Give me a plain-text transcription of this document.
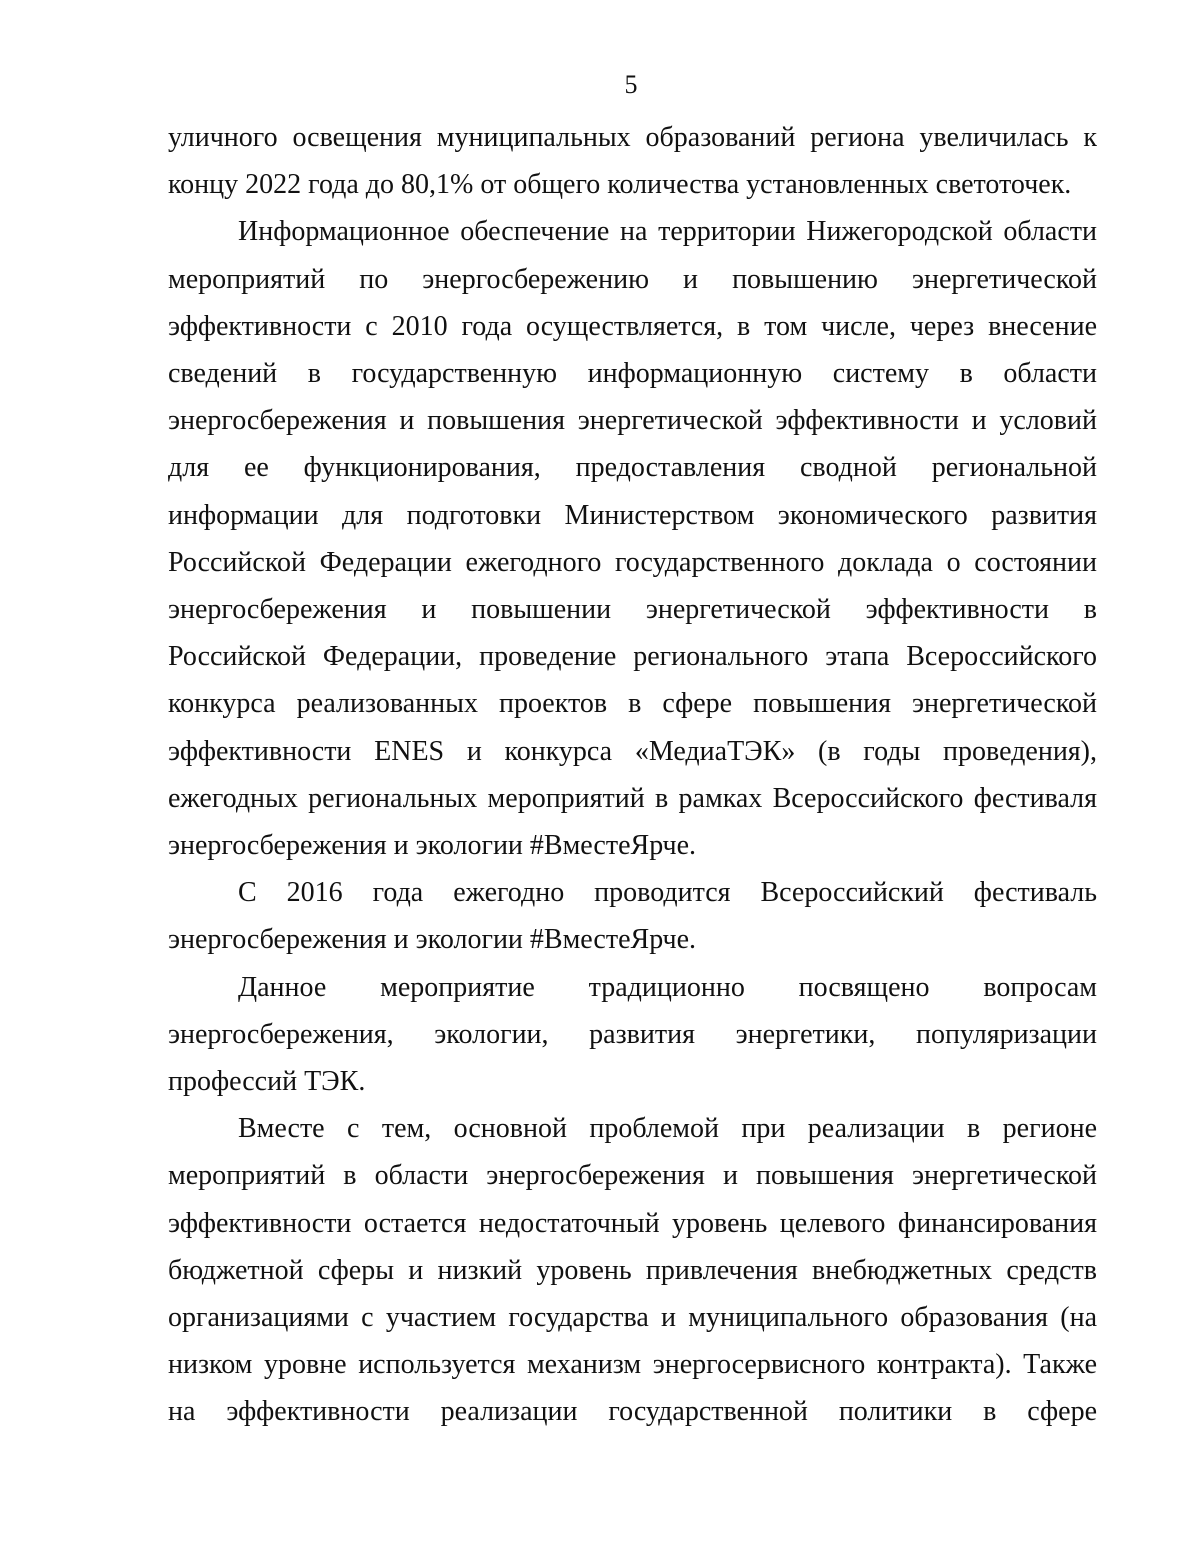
5

уличного освещения муниципальных образований региона увеличилась к концу 2022 года до 80,1% от общего количества установленных светоточек.

Информационное обеспечение на территории Нижегородской области мероприятий по энергосбережению и повышению энергетической эффективности с 2010 года осуществляется, в том числе, через внесение сведений в государственную информационную систему в области энергосбережения и повышения энергетической эффективности и условий для ее функционирования, предоставления сводной региональной информации для подготовки Министерством экономического развития Российской Федерации ежегодного государственного доклада о состоянии энергосбережения и повышении энергетической эффективности в Российской Федерации, проведение регионального этапа Всероссийского конкурса реализованных проектов в сфере повышения энергетической эффективности ENES и конкурса «МедиаТЭК» (в годы проведения), ежегодных региональных мероприятий в рамках Всероссийского фестиваля энергосбережения и экологии #ВместеЯрче.

С 2016 года ежегодно проводится Всероссийский фестиваль энергосбережения и экологии #ВместеЯрче.

Данное мероприятие традиционно посвящено вопросам энергосбережения, экологии, развития энергетики, популяризации профессий ТЭК.

Вместе с тем, основной проблемой при реализации в регионе мероприятий в области энергосбережения и повышения энергетической эффективности остается недостаточный уровень целевого финансирования бюджетной сферы и низкий уровень привлечения внебюджетных средств организациями с участием государства и муниципального образования (на низком уровне используется механизм энергосервисного контракта). Также на эффективности реализации государственной политики в сфере
